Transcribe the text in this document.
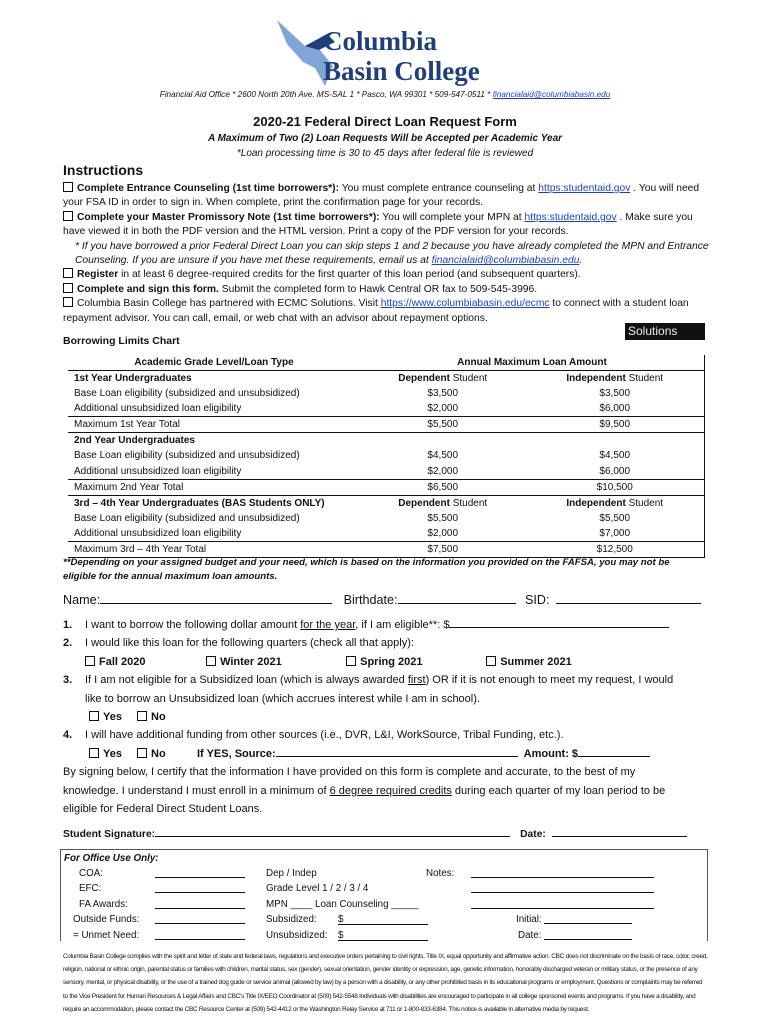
Columbia
Basin College
Financial Aid Office * 2600 North 20th Ave. MS-SAL 1 * Pasco, WA 99301 * 509-547-0511 * financialaid@columbiabasin.edu
2020-21 Federal Direct Loan Request Form
A Maximum of Two (2) Loan Requests Will be Accepted per Academic Year
*Loan processing time is 30 to 45 days after federal file is reviewed
Instructions
Complete Entrance Counseling (1st time borrowers*): You must complete entrance counseling at https:studentaid.gov . You will need
your FSA ID in order to sign in. When complete, print the confirmation page for your records.
Complete your Master Promissory Note (1st time borrowers*): You will complete your MPN at https:studentaid.gov . Make sure you
have viewed it in both the PDF version and the HTML version. Print a copy of the PDF version for your records.
* If you have borrowed a prior Federal Direct Loan you can skip steps 1 and 2 because you have already completed the MPN and Entrance
Counseling. If you are unsure if you have met these requirements, email us at financialaid@columbiabasin.edu.
Register in at least 6 degree-required credits for the first quarter of this loan period (and subsequent quarters).
Complete and sign this form. Submit the completed form to Hawk Central OR fax to 509-545-3996.
Columbia Basin College has partnered with ECMC Solutions. Visit https://www.columbiabasin.edu/ecmc to connect with a student loan
repayment advisor. You can call, email, or web chat with an advisor about repayment options.
Solutions
Borrowing Limits Chart
Academic Grade Level/Loan Type	Annual Maximum Loan Amount	
1st Year Undergraduates	Dependent Student	Independent Student
Base Loan eligibility (subsidized and unsubsidized)	$3,500	$3,500
Additional unsubsidized loan eligibility	$2,000	$6,000
Maximum 1st Year Total	$5,500	$9,500
2nd Year Undergraduates		
Base Loan eligibility (subsidized and unsubsidized)	$4,500	$4,500
Additional unsubsidized loan eligibility	$2,000	$6,000
Maximum 2nd Year Total	$6,500	$10,500
3rd – 4th Year Undergraduates (BAS Students ONLY)	Dependent Student	Independent Student
Base Loan eligibility (subsidized and unsubsidized)	$5,500	$5,500
Additional unsubsidized loan eligibility	$2,000	$7,000
Maximum 3rd – 4th Year Total	$7,500	$12,500
**Depending on your assigned budget and your need, which is based on the information you provided on the FAFSA, you may not be
eligible for the annual maximum loan amounts.
Name:	Birthdate:	SID:
1. I want to borrow the following dollar amount for the year, if I am eligible**: $
2. I would like this loan for the following quarters (check all that apply):
Fall 2020	Winter 2021	Spring 2021	Summer 2021
3. If I am not eligible for a Subsidized loan (which is always awarded first) OR if it is not enough to meet my request, I would
like to borrow an Unsubsidized loan (which accrues interest while I am in school).
Yes	No
4. I will have additional funding from other sources (i.e., DVR, L&I, WorkSource, Tribal Funding, etc.).
Yes	No	If YES, Source:	Amount: $
By signing below, I certify that the information I have provided on this form is complete and accurate, to the best of my
knowledge. I understand I must enroll in a minimum of 6 degree required credits during each quarter of my loan period to be
eligible for Federal Direct Student Loans.
Student Signature:	Date:
For Office Use Only:
COA:	Dep / Indep	Notes:
EFC:	Grade Level 1 / 2 / 3 / 4
FA Awards:	MPN ____ Loan Counseling _____
Outside Funds:	Subsidized: $	Initial:
= Unmet Need:	Unsubsidized: $	Date:
Columbia Basin College complies with the spirit and letter of state and federal laws, regulations and executive orders pertaining to civil rights, Title IX, equal opportunity and affirmative action. CBC does not discriminate on the basis of race, color, creed, religion, national or ethnic origin, parental status or families with children, marital status, sex (gender), sexual orientation, gender identity or expression, age, genetic information, honorably discharged veteran or military status, or the presence of any sensory, mental, or physical disability, or the use of a trained dog guide or service animal (allowed by law) by a person with a disability, or any other prohibited basis in its educational programs or employment. Questions or complaints may be referred to the Vice President for Human Resources & Legal Affairs and CBC's Title IX/EEO Coordinator at (509) 542-5548.Individuals with disabilities are encouraged to participate in all college sponsored events and programs. If you have a disability, and require an accommodation, please contact the CBC Resource Center at (509) 542-4412 or the Washington Relay Service at 711 or 1-800-833-6384. This notice is available in alternative media by request.
